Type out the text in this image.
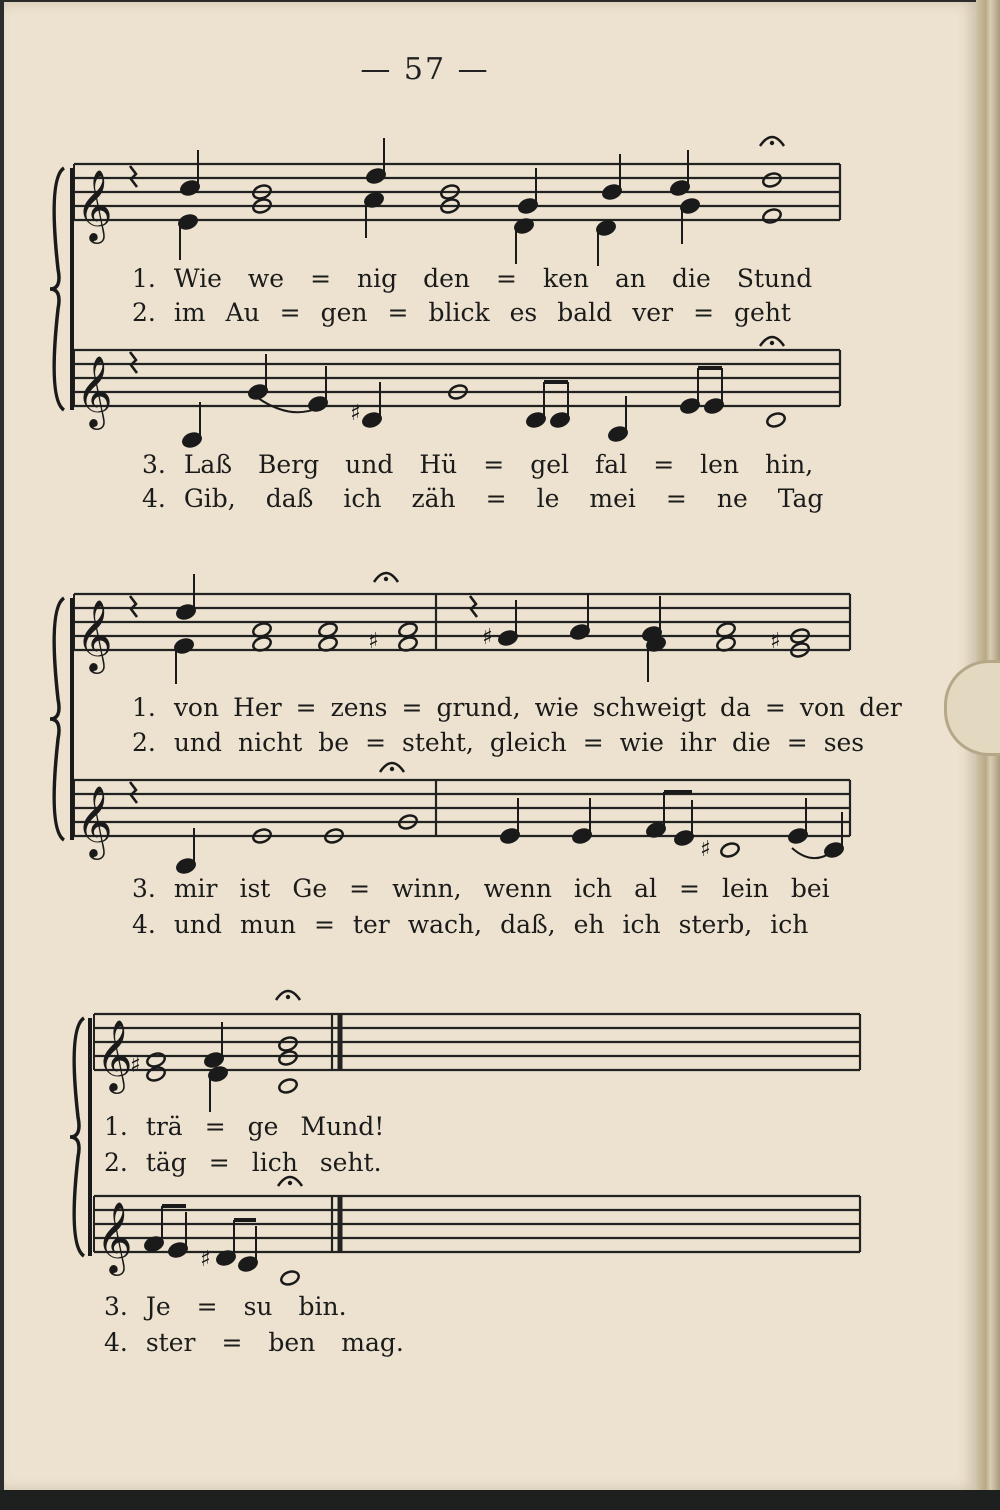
— 57 —
𝄞
𝄞	♯
𝄞
𝄞
♯	♯	♯
♯
𝄞
𝄞
♯
♯
1. Wie we = nig den = ken an die Stund
2. im Au = gen = blick es bald ver = geht
3. Laß Berg und Hü = gel fal = len hin,
4. Gib, daß ich zäh = le mei = ne Tag
1. von Her = zens = grund, wie schweigt da = von der
2. und nicht be = steht, gleich = wie ihr die = ses
3. mir ist Ge = winn, wenn ich al = lein bei
4. und mun = ter wach, daß, eh ich sterb, ich
1. trä = ge Mund!
2. täg = lich seht.
3. Je = su bin.
4. ster = ben mag.
